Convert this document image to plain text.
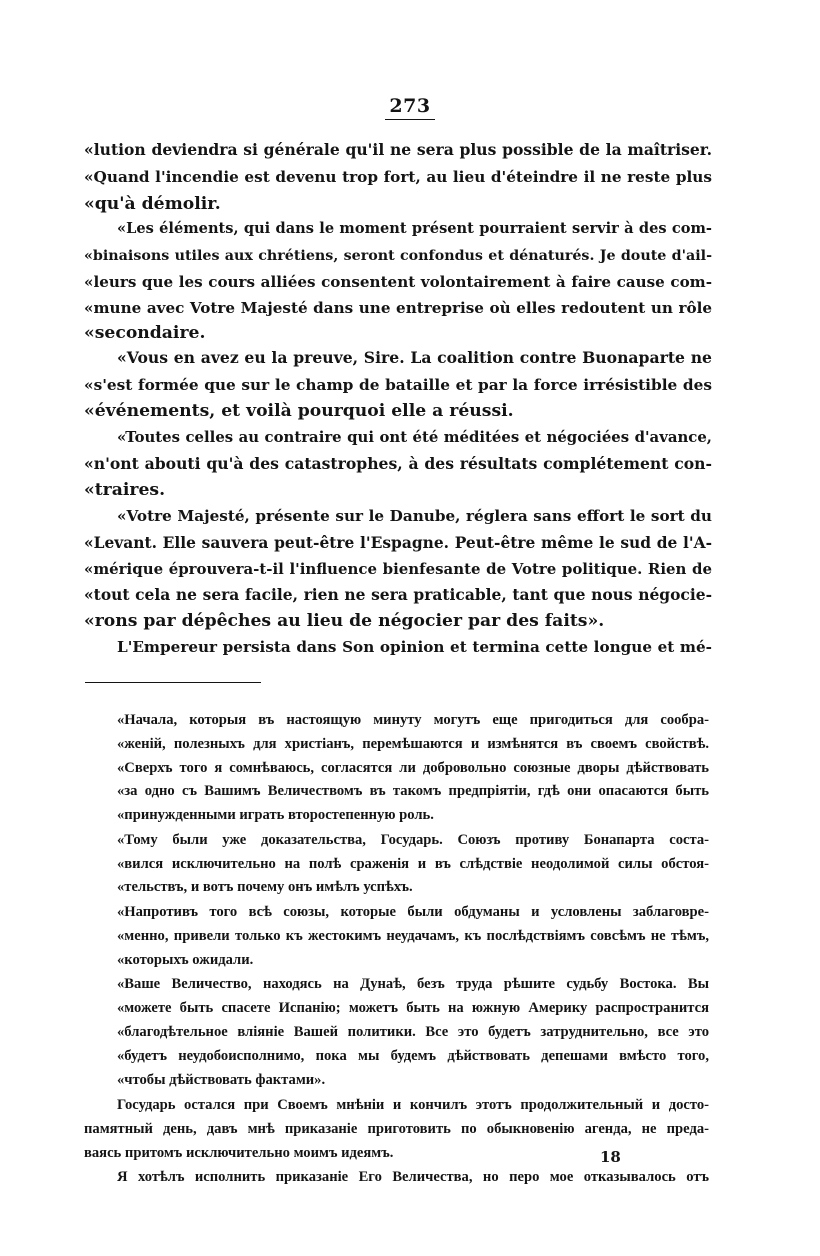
273
«lution deviendra si générale qu'il ne sera plus possible de la maîtriser.
«Quand l'incendie est devenu trop fort, au lieu d'éteindre il ne reste plus
«qu'à démolir.
«Les éléments, qui dans le moment présent pourraient servir à des com-
«binaisons utiles aux chrétiens, seront confondus et dénaturés. Je doute d'ail-
«leurs que les cours alliées consentent volontairement à faire cause com-
«mune avec Votre Majesté dans une entreprise où elles redoutent un rôle
«secondaire.
«Vous en avez eu la preuve, Sire. La coalition contre Buonaparte ne
«s'est formée que sur le champ de bataille et par la force irrésistible des
«événements, et voilà pourquoi elle a réussi.
«Toutes celles au contraire qui ont été méditées et négociées d'avance,
«n'ont abouti qu'à des catastrophes, à des résultats complétement con-
«traires.
«Votre Majesté, présente sur le Danube, réglera sans effort le sort du
«Levant. Elle sauvera peut-être l'Espagne. Peut-être même le sud de l'A-
«mérique éprouvera-t-il l'influence bienfesante de Votre politique. Rien de
«tout cela ne sera facile, rien ne sera praticable, tant que nous négocie-
«rons par dépêches au lieu de négocier par des faits».
L'Empereur persista dans Son opinion et termina cette longue et mé-
«Начала, которыя въ настоящую минуту могутъ еще пригодиться для сообра-
«женій, полезныхъ для христіанъ, перемѣшаются и измѣнятся въ своемъ свойствѣ.
«Сверхъ того я сомнѣваюсь, согласятся ли добровольно союзные дворы дѣйствовать
«за одно съ Вашимъ Величествомъ въ такомъ предпріятіи, гдѣ они опасаются быть
«принужденными играть второстепенную роль.
«Тому были уже доказательства, Государь. Союзъ противу Бонапарта соста-
«вился исключительно на полѣ сраженія и въ слѣдствіе неодолимой силы обстоя-
«тельствъ, и вотъ почему онъ имѣлъ успѣхъ.
«Напротивъ того всѣ союзы, которые были обдуманы и условлены заблаговре-
«менно, привели только къ жестокимъ неудачамъ, къ послѣдствіямъ совсѣмъ не тѣмъ,
«которыхъ ожидали.
«Ваше Величество, находясь на Дунаѣ, безъ труда рѣшите судьбу Востока. Вы
«можете быть спасете Испанію; можетъ быть на южную Америку распространится
«благодѣтельное вліяніе Вашей политики. Все это будетъ затруднительно, все это
«будетъ неудобоисполнимо, пока мы будемъ дѣйствовать депешами вмѣсто того,
«чтобы дѣйствовать фактами».
Государь остался при Своемъ мнѣніи и кончилъ этотъ продолжительный и досто-
памятный день, давъ мнѣ приказаніе приготовить по обыкновенію агенда, не преда-
ваясь притомъ исключительно моимъ идеямъ.
Я хотѣлъ исполнить приказаніе Его Величества, но перо мое отказывалось отъ
18
